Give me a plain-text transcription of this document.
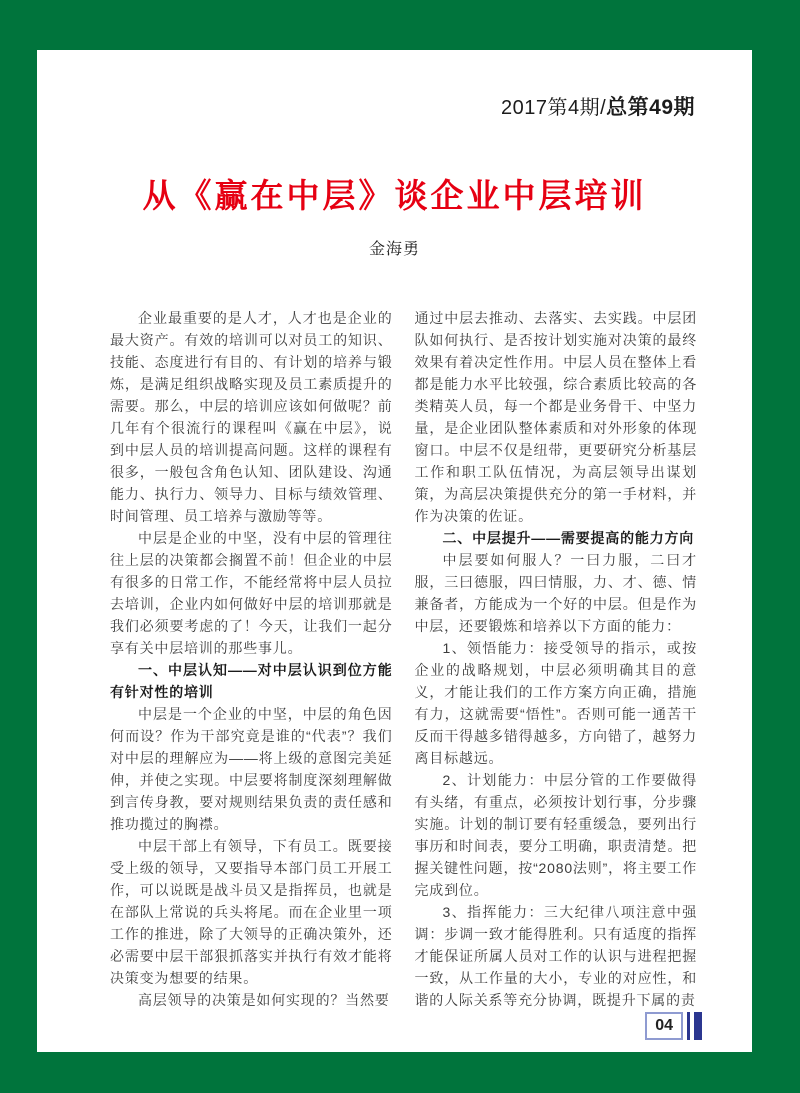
2017第4期/总第49期
从《赢在中层》谈企业中层培训
金海勇

企业最重要的是人才，人才也是企业的最大资产。有效的培训可以对员工的知识、技能、态度进行有目的、有计划的培养与锻炼，是满足组织战略实现及员工素质提升的需要。那么，中层的培训应该如何做呢？前几年有个很流行的课程叫《赢在中层》，说到中层人员的培训提高问题。这样的课程有很多，一般包含角色认知、团队建设、沟通能力、执行力、领导力、目标与绩效管理、时间管理、员工培养与激励等等。

中层是企业的中坚，没有中层的管理往往上层的决策都会搁置不前！但企业的中层有很多的日常工作，不能经常将中层人员拉去培训，企业内如何做好中层的培训那就是我们必须要考虑的了！今天，让我们一起分享有关中层培训的那些事儿。

一、中层认知——对中层认识到位方能有针对性的培训

中层是一个企业的中坚，中层的角色因何而设？作为干部究竟是谁的“代表”？我们对中层的理解应为——将上级的意图完美延伸，并使之实现。中层要将制度深刻理解做到言传身教，要对规则结果负责的责任感和推功揽过的胸襟。

中层干部上有领导，下有员工。既要接受上级的领导，又要指导本部门员工开展工作，可以说既是战斗员又是指挥员，也就是在部队上常说的兵头将尾。而在企业里一项工作的推进，除了大领导的正确决策外，还必需要中层干部狠抓落实并执行有效才能将决策变为想要的结果。

高层领导的决策是如何实现的？当然要

通过中层去推动、去落实、去实践。中层团队如何执行、是否按计划实施对决策的最终效果有着决定性作用。中层人员在整体上看都是能力水平比较强，综合素质比较高的各类精英人员，每一个都是业务骨干、中坚力量，是企业团队整体素质和对外形象的体现窗口。中层不仅是纽带，更要研究分析基层工作和职工队伍情况，为高层领导出谋划策，为高层决策提供充分的第一手材料，并作为决策的佐证。

二、中层提升——需要提高的能力方向

中层要如何服人？一曰力服，二曰才服，三曰德服，四曰情服，力、才、德、情兼备者，方能成为一个好的中层。但是作为中层，还要锻炼和培养以下方面的能力：

1、领悟能力：接受领导的指示，或按企业的战略规划，中层必须明确其目的意义，才能让我们的工作方案方向正确，措施有力，这就需要“悟性”。否则可能一通苦干反而干得越多错得越多，方向错了，越努力离目标越远。

2、计划能力：中层分管的工作要做得有头绪，有重点，必须按计划行事，分步骤实施。计划的制订要有轻重缓急，要列出行事历和时间表，要分工明确，职责清楚。把握关键性问题，按“2080法则”，将主要工作完成到位。

3、指挥能力：三大纪律八项注意中强调：步调一致才能得胜利。只有适度的指挥才能保证所属人员对工作的认识与进程把握一致，从工作量的大小，专业的对应性，和谐的人际关系等充分协调，既提升下属的责

04
